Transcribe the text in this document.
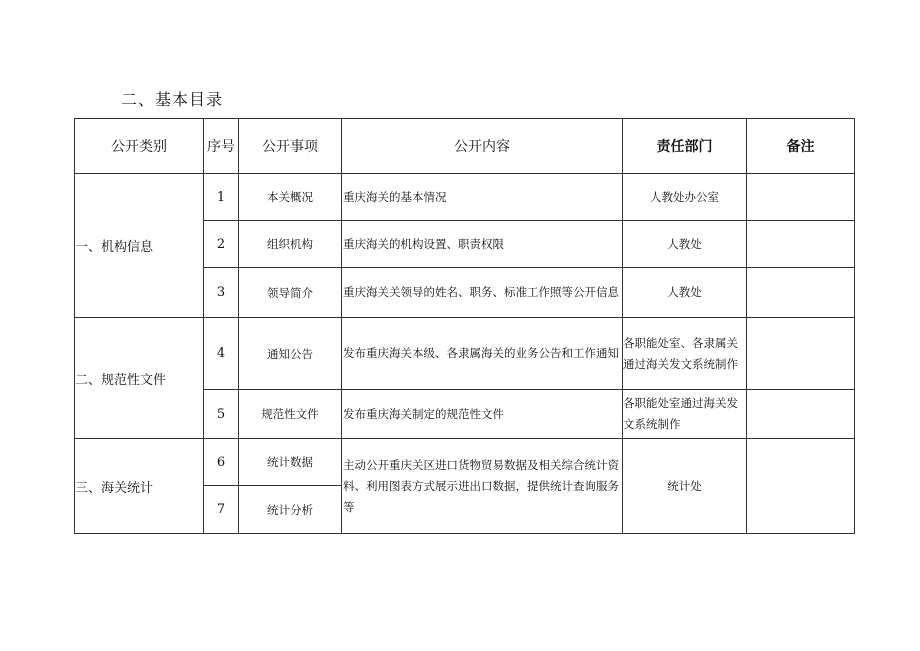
二、基本目录
公开类别	序号	公开事项	公开内容	责任部门	备注
一、机构信息	1	本关概况	重庆海关的基本情况	人教处办公室	
	2	组织机构	重庆海关的机构设置、职责权限	人教处	
	3	领导简介	重庆海关关领导的姓名、职务、标准工作照等公开信息	人教处	
二、规范性文件	4	通知公告	发布重庆海关本级、各隶属海关的业务公告和工作通知	各职能处室、各隶属关通过海关发文系统制作	
	5	规范性文件	发布重庆海关制定的规范性文件	各职能处室通过海关发文系统制作	
三、海关统计	6	统计数据	主动公开重庆关区进口货物贸易数据及相关综合统计资料、利用图表方式展示进出口数据，提供统计查询服务等	统计处	
	7	统计分析			
